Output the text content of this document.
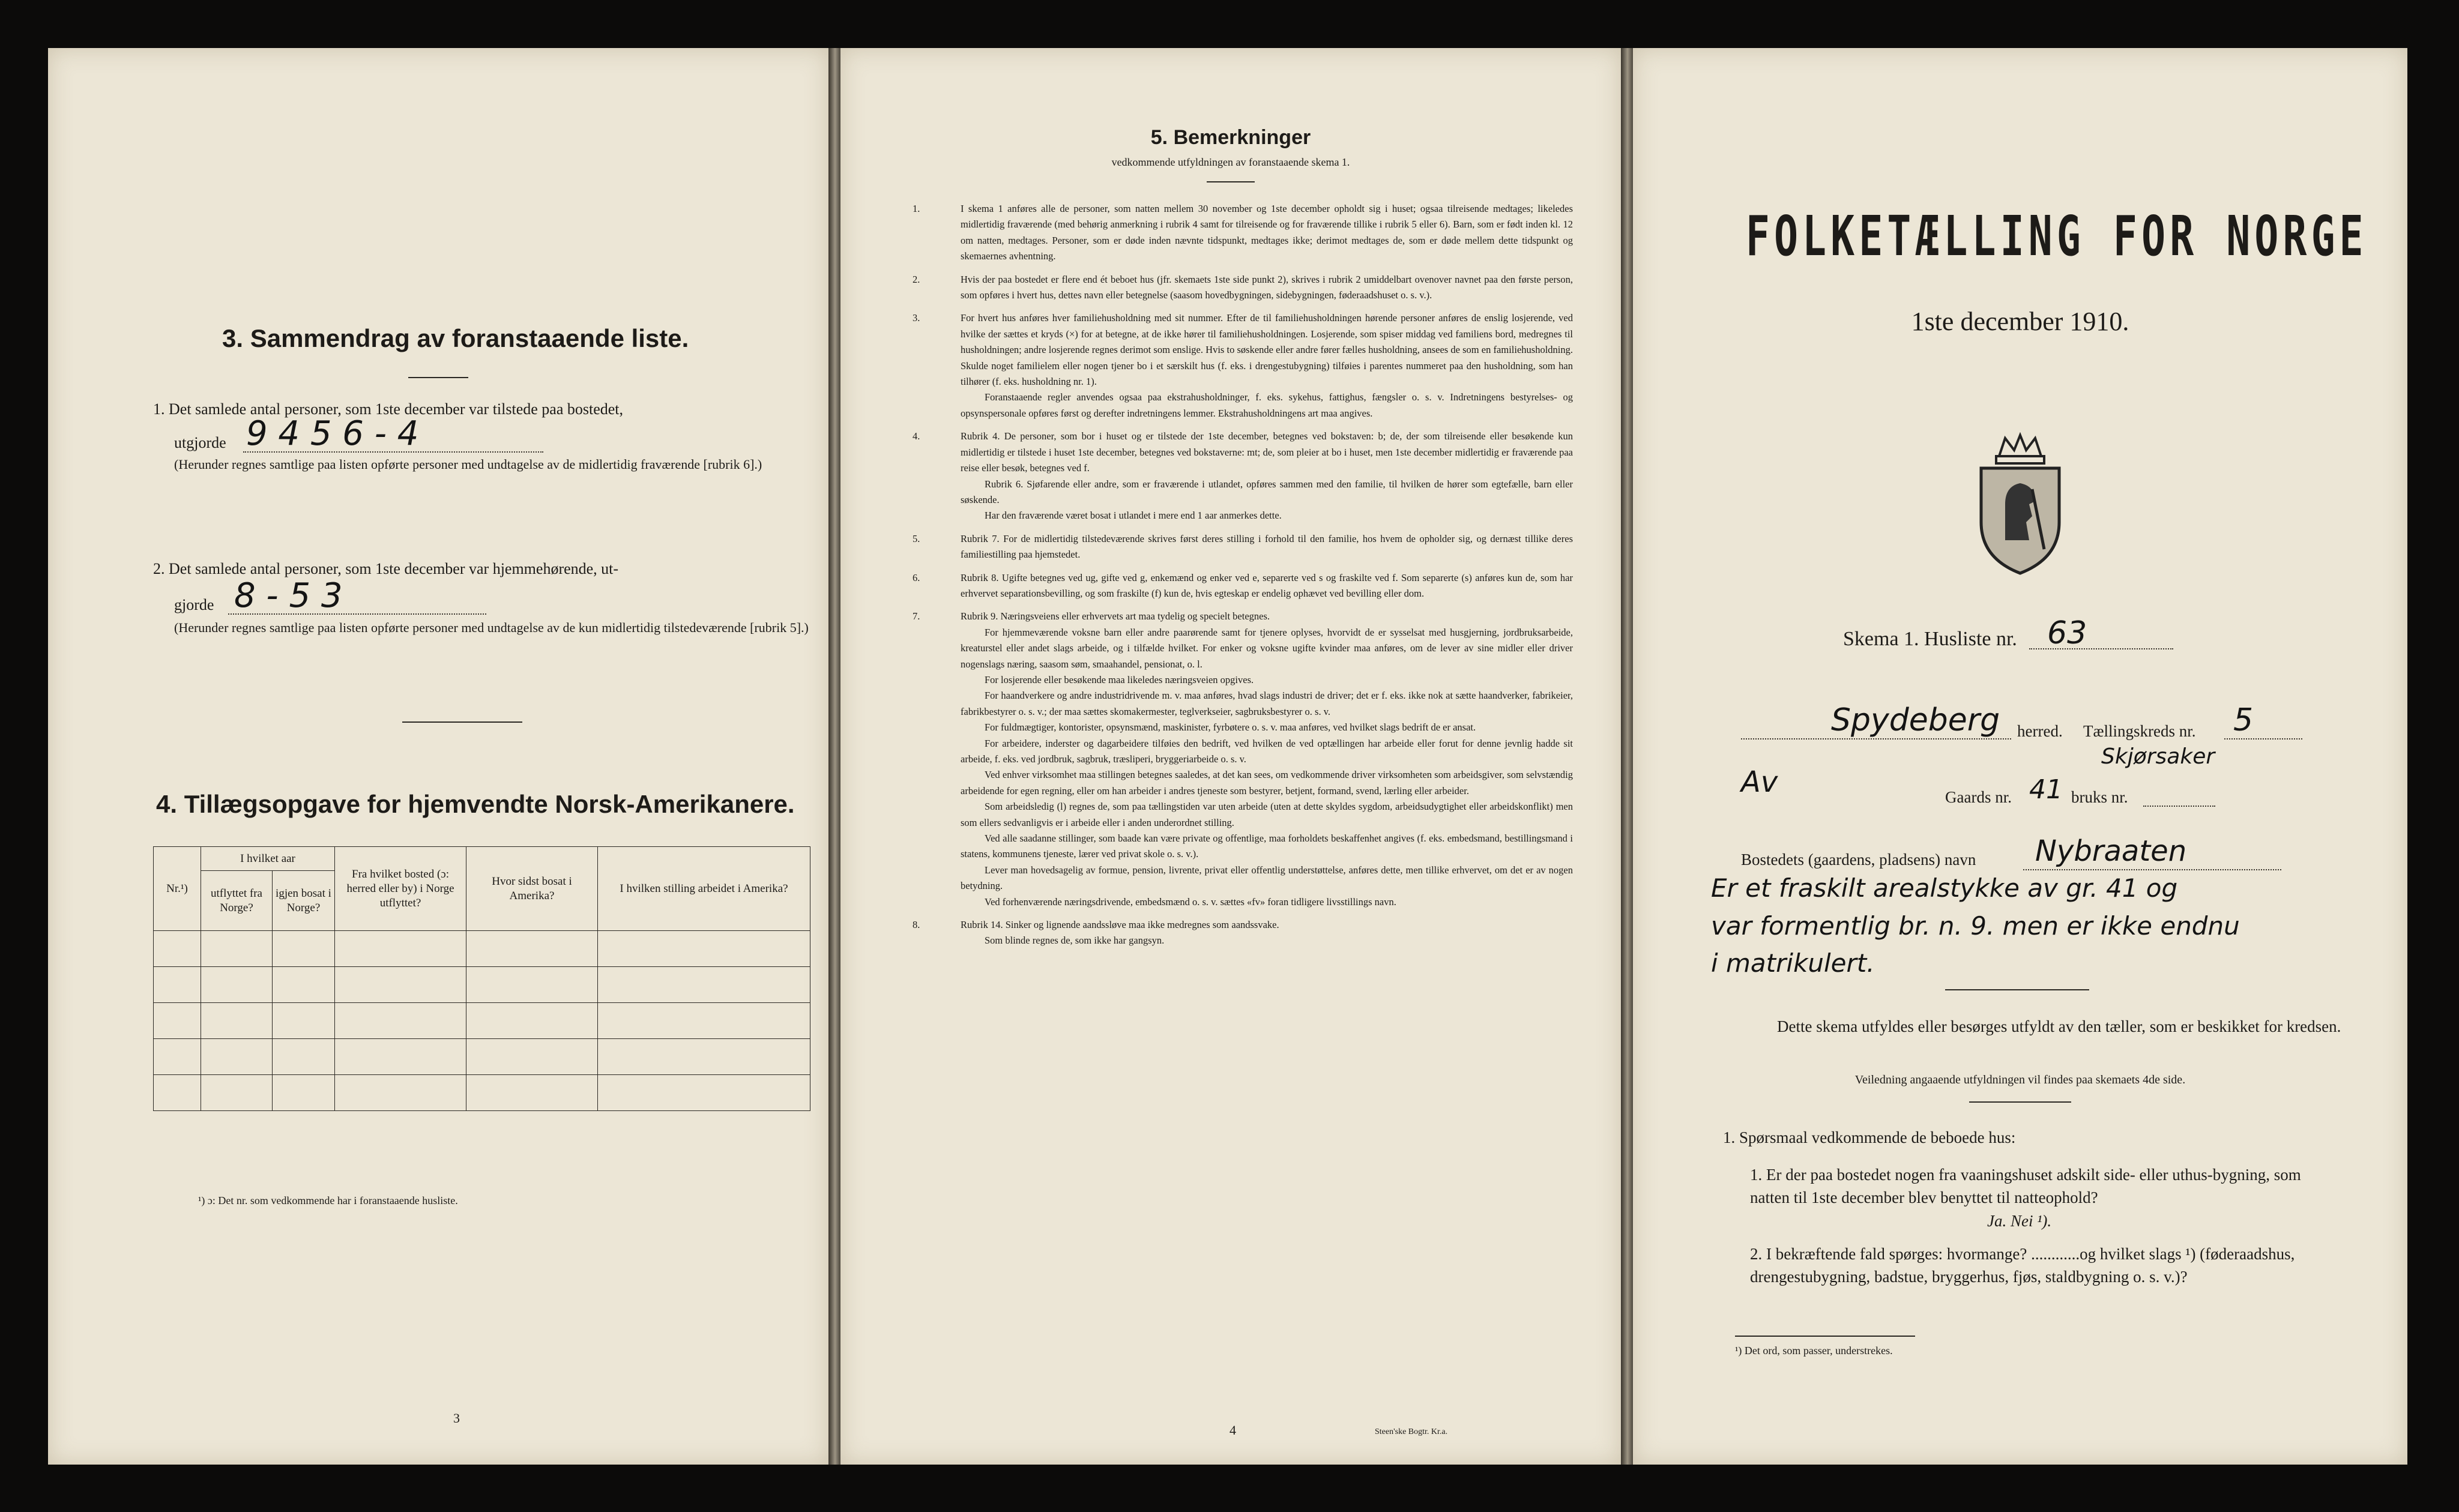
3. Sammendrag av foranstaaende liste.
1. Det samlede antal personer, som 1ste december var tilstede paa bostedet,
utgjorde 9 4 5 6 - 4
(Herunder regnes samtlige paa listen opførte personer med undtagelse av de midlertidig fraværende [rubrik 6].)
2. Det samlede antal personer, som 1ste december var hjemmehørende, ut-
gjorde 8 - 5 3
(Herunder regnes samtlige paa listen opførte personer med undtagelse av de kun midlertidig tilstedeværende [rubrik 5].)
4. Tillægsopgave for hjemvendte Norsk-Amerikanere.
Nr.¹)	I hvilket aar		Fra hvilket bosted (ɔ: herred eller by) i Norge utflyttet?	Hvor sidst bosat i Amerika?	I hvilken stilling arbeidet i Amerika?
	utflyttet fra Norge?	igjen bosat i Norge?			

¹) ɔ: Det nr. som vedkommende har i foranstaaende husliste.
3
5. Bemerkninger
vedkommende utfyldningen av foranstaaende skema 1.

1.	I skema 1 anføres alle de personer, som natten mellem 30 november og 1ste december opholdt sig i huset; ogsaa tilreisende medtages; likeledes midlertidig fraværende (med behørig anmerkning i rubrik 4 samt for tilreisende og for fraværende tillike i rubrik 5 eller 6). Barn, som er født inden kl. 12 om natten, medtages. Personer, som er døde inden nævnte tidspunkt, medtages ikke; derimot medtages de, som er døde mellem dette tidspunkt og skemaernes avhentning.

2.	Hvis der paa bostedet er flere end ét beboet hus (jfr. skemaets 1ste side punkt 2), skrives i rubrik 2 umiddelbart ovenover navnet paa den første person, som opføres i hvert hus, dettes navn eller betegnelse (saasom hovedbygningen, sidebygningen, føderaadshuset o. s. v.).

3.	For hvert hus anføres hver familiehusholdning med sit nummer. Efter de til familiehusholdningen hørende personer anføres de enslig losjerende, ved hvilke der sættes et kryds (×) for at betegne, at de ikke hører til familiehusholdningen. Losjerende, som spiser middag ved familiens bord, medregnes til husholdningen; andre losjerende regnes derimot som enslige. Hvis to søskende eller andre fører fælles husholdning, ansees de som en familiehusholdning. Skulde noget familielem eller nogen tjener bo i et særskilt hus (f. eks. i drengestubygning) tilføies i parentes nummeret paa den husholdning, som han tilhører (f. eks. husholdning nr. 1).

Foranstaaende regler anvendes ogsaa paa ekstrahusholdninger, f. eks. sykehus, fattighus, fængsler o. s. v. Indretningens bestyrelses- og opsynspersonale opføres først og derefter indretningens lemmer. Ekstrahusholdningens art maa angives.

4.	Rubrik 4. De personer, som bor i huset og er tilstede der 1ste december, betegnes ved bokstaven: b; de, der som tilreisende eller besøkende kun midlertidig er tilstede i huset 1ste december, betegnes ved bokstaverne: mt; de, som pleier at bo i huset, men 1ste december midlertidig er fraværende paa reise eller besøk, betegnes ved f.

Rubrik 6. Sjøfarende eller andre, som er fraværende i utlandet, opføres sammen med den familie, til hvilken de hører som egtefælle, barn eller søskende.

Har den fraværende været bosat i utlandet i mere end 1 aar anmerkes dette.

5.	Rubrik 7. For de midlertidig tilstedeværende skrives først deres stilling i forhold til den familie, hos hvem de opholder sig, og dernæst tillike deres familiestilling paa hjemstedet.

6.	Rubrik 8. Ugifte betegnes ved ug, gifte ved g, enkemænd og enker ved e, separerte ved s og fraskilte ved f. Som separerte (s) anføres kun de, som har erhvervet separationsbevilling, og som fraskilte (f) kun de, hvis egteskap er endelig ophævet ved bevilling eller dom.

7.	Rubrik 9. Næringsveiens eller erhvervets art maa tydelig og specielt betegnes.

For hjemmeværende voksne barn eller andre paarørende samt for tjenere oplyses, hvorvidt de er sysselsat med husgjerning, jordbruksarbeide, kreaturstel eller andet slags arbeide, og i tilfælde hvilket. For enker og voksne ugifte kvinder maa anføres, om de lever av sine midler eller driver nogenslags næring, saasom søm, smaahandel, pensionat, o. l.

For losjerende eller besøkende maa likeledes næringsveien opgives.

For haandverkere og andre industridrivende m. v. maa anføres, hvad slags industri de driver; det er f. eks. ikke nok at sætte haandverker, fabrikeier, fabrikbestyrer o. s. v.; der maa sættes skomakermester, teglverkseier, sagbruksbestyrer o. s. v.

For fuldmægtiger, kontorister, opsynsmænd, maskinister, fyrbøtere o. s. v. maa anføres, ved hvilket slags bedrift de er ansat.

For arbeidere, inderster og dagarbeidere tilføies den bedrift, ved hvilken de ved optællingen har arbeide eller forut for denne jevnlig hadde sit arbeide, f. eks. ved jordbruk, sagbruk, træsliperi, bryggeriarbeide o. s. v.

Ved enhver virksomhet maa stillingen betegnes saaledes, at det kan sees, om vedkommende driver virksomheten som arbeidsgiver, som selvstændig arbeidende for egen regning, eller om han arbeider i andres tjeneste som bestyrer, betjent, formand, svend, lærling eller arbeider.

Som arbeidsledig (l) regnes de, som paa tællingstiden var uten arbeide (uten at dette skyldes sygdom, arbeidsudygtighet eller arbeidskonflikt) men som ellers sedvanligvis er i arbeide eller i anden underordnet stilling.

Ved alle saadanne stillinger, som baade kan være private og offentlige, maa forholdets beskaffenhet angives (f. eks. embedsmand, bestillingsmand i statens, kommunens tjeneste, lærer ved privat skole o. s. v.).

Lever man hovedsagelig av formue, pension, livrente, privat eller offentlig understøttelse, anføres dette, men tillike erhvervet, om det er av nogen betydning.

Ved forhenværende næringsdrivende, embedsmænd o. s. v. sættes «fv» foran tidligere livsstillings navn.

8.	Rubrik 14. Sinker og lignende aandssløve maa ikke medregnes som aandssvake.

Som blinde regnes de, som ikke har gangsyn.

4	Steen'ske Bogtr. Kr.a.
FOLKETÆLLING FOR NORGE
1ste december 1910.
Skema 1. Husliste nr. 63
Spydeberg herred. Tællingskreds nr. 5
Skjørsaker
Av	Gaards nr. 41 bruks nr.
Bostedets (gaardens, pladsens) navn Nybraaten
Er et fraskilt arealstykke av gr. 41 og
var formentlig br. n. 9. men er ikke endnu
i matrikulert.
Dette skema utfyldes eller besørges utfyldt av den tæller, som er beskikket for kredsen.
Veiledning angaaende utfyldningen vil findes paa skemaets 4de side.
1. Spørsmaal vedkommende de beboede hus:
1. Er der paa bostedet nogen fra vaaningshuset adskilt side- eller uthus-bygning, som natten til 1ste december blev benyttet til natteophold?
Ja. Nei ¹).
2. I bekræftende fald spørges: hvormange? ............og hvilket slags ¹) (føderaadshus, drengestubygning, badstue, bryggerhus, fjøs, staldbygning o. s. v.)?
¹) Det ord, som passer, understrekes.
